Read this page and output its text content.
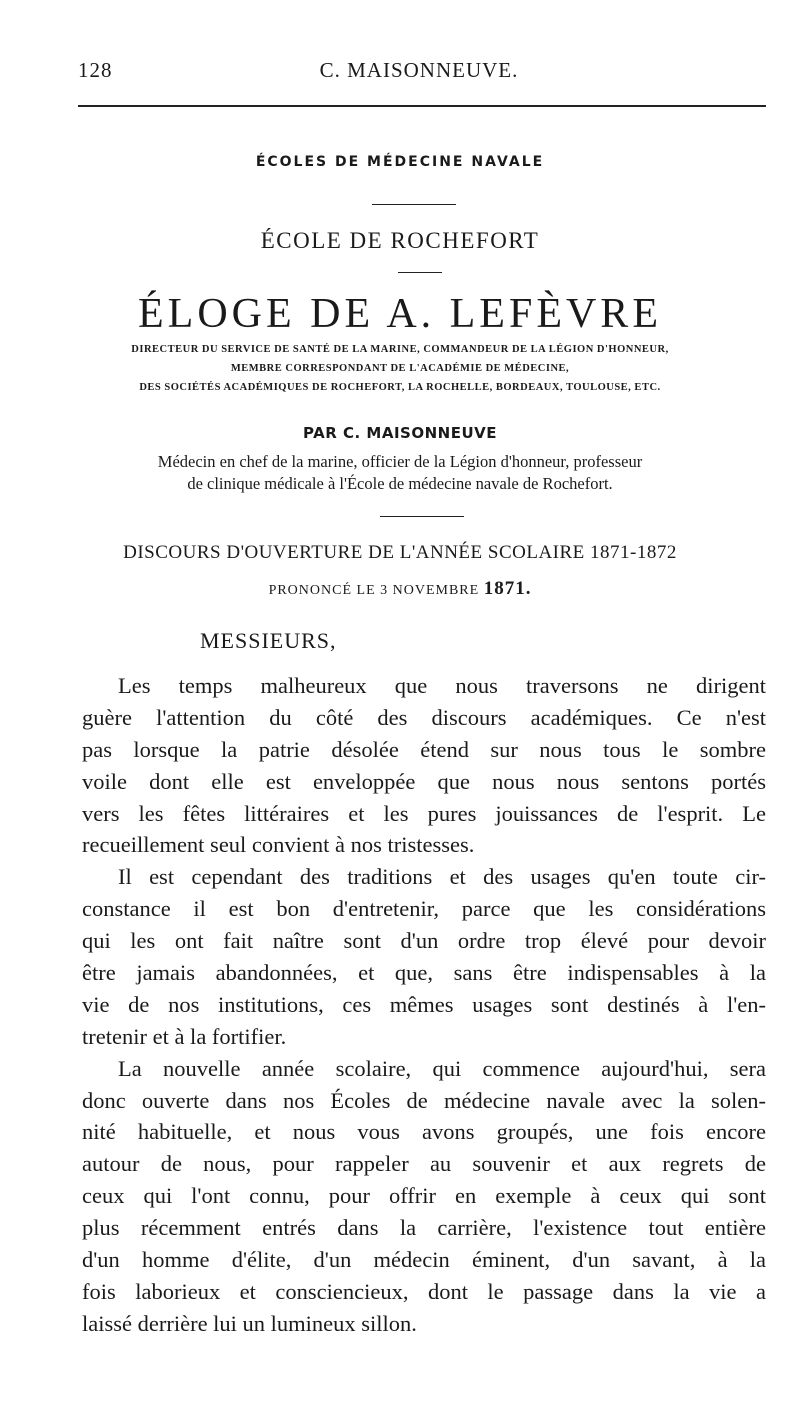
128	C. MAISONNEUVE.
ÉCOLES DE MÉDECINE NAVALE
ÉCOLE DE ROCHEFORT
ÉLOGE DE A. LEFÈVRE
DIRECTEUR DU SERVICE DE SANTÉ DE LA MARINE, COMMANDEUR DE LA LÉGION D'HONNEUR,
MEMBRE CORRESPONDANT DE L'ACADÉMIE DE MÉDECINE,
DES SOCIÉTÉS ACADÉMIQUES DE ROCHEFORT, LA ROCHELLE, BORDEAUX, TOULOUSE, ETC.
PAR C. MAISONNEUVE
Médecin en chef de la marine, officier de la Légion d'honneur, professeur
de clinique médicale à l'École de médecine navale de Rochefort.
DISCOURS D'OUVERTURE DE L'ANNÉE SCOLAIRE 1871-1872
PRONONCÉ LE 3 NOVEMBRE 1871.
MESSIEURS,
Les temps malheureux que nous traversons ne dirigent
guère l'attention du côté des discours académiques. Ce n'est
pas lorsque la patrie désolée étend sur nous tous le sombre
voile dont elle est enveloppée que nous nous sentons portés
vers les fêtes littéraires et les pures jouissances de l'esprit. Le
recueillement seul convient à nos tristesses.
Il est cependant des traditions et des usages qu'en toute cir-
constance il est bon d'entretenir, parce que les considérations
qui les ont fait naître sont d'un ordre trop élevé pour devoir
être jamais abandonnées, et que, sans être indispensables à la
vie de nos institutions, ces mêmes usages sont destinés à l'en-
tretenir et à la fortifier.
La nouvelle année scolaire, qui commence aujourd'hui, sera
donc ouverte dans nos Écoles de médecine navale avec la solen-
nité habituelle, et nous vous avons groupés, une fois encore
autour de nous, pour rappeler au souvenir et aux regrets de
ceux qui l'ont connu, pour offrir en exemple à ceux qui sont
plus récemment entrés dans la carrière, l'existence tout entière
d'un homme d'élite, d'un médecin éminent, d'un savant, à la
fois laborieux et consciencieux, dont le passage dans la vie a
laissé derrière lui un lumineux sillon.
